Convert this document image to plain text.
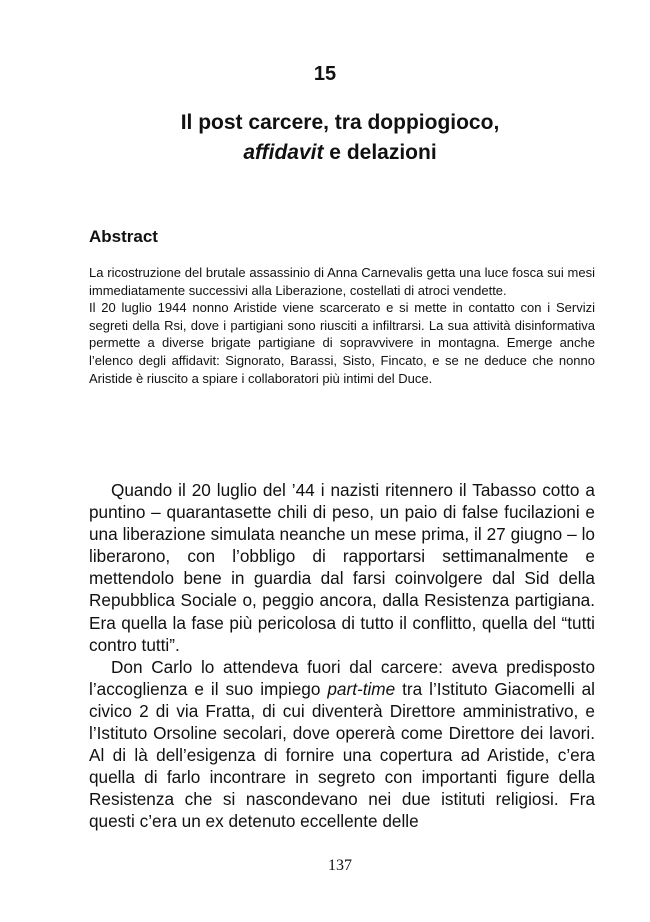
15
Il post carcere, tra doppiogioco,
affidavit e delazioni
Abstract

La ricostruzione del brutale assassinio di Anna Carnevalis getta una luce fosca sui mesi immediatamente successivi alla Liberazione, costellati di atroci vendette.

Il 20 luglio 1944 nonno Aristide viene scarcerato e si mette in contatto con i Servizi segreti della Rsi, dove i partigiani sono riusciti a infiltrarsi. La sua attività disinformativa permette a diverse brigate partigiane di sopravvivere in montagna. Emerge anche l’elenco degli affidavit: Signorato, Barassi, Sisto, Fincato, e se ne deduce che nonno Aristide è riuscito a spiare i collaboratori più intimi del Duce.

Quando il 20 luglio del ’44 i nazisti ritennero il Tabasso cotto a puntino – quarantasette chili di peso, un paio di false fucilazioni e una liberazione simulata neanche un mese prima, il 27 giugno – lo liberarono, con l’obbligo di rapportarsi settimanalmente e mettendolo bene in guardia dal farsi coinvolgere dal Sid della Repubblica Sociale o, peggio ancora, dalla Resistenza partigiana. Era quella la fase più pericolosa di tutto il conflitto, quella del “tutti contro tutti”.

Don Carlo lo attendeva fuori dal carcere: aveva predisposto l’accoglienza e il suo impiego part-time tra l’Istituto Giacomelli al civico 2 di via Fratta, di cui diventerà Direttore amministrativo, e l’Istituto Orsoline secolari, dove opererà come Direttore dei lavori. Al di là dell’esigenza di fornire una copertura ad Aristide, c’era quella di farlo incontrare in segreto con importanti figure della Resistenza che si nascondevano nei due istituti religiosi. Fra questi c’era un ex detenuto eccellente delle

137
